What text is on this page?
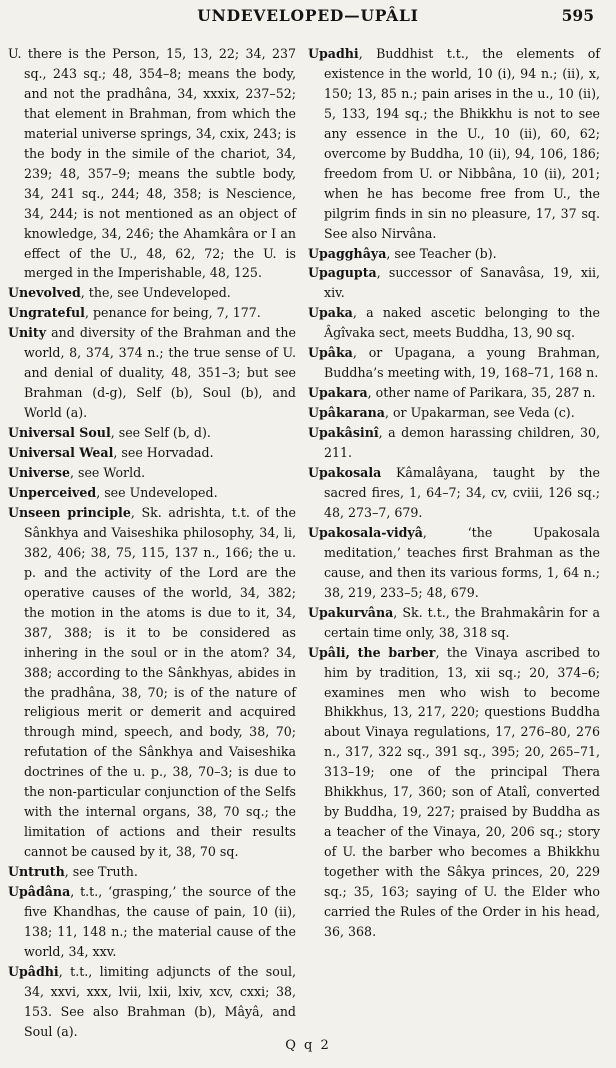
UNDEVELOPED—UPÂLI	595

U. there is the Person, 15, 13, 22; 34, 237 sq., 243 sq.; 48, 354–8; means the body, and not the pradhâna, 34, xxxix, 237–52; that element in Brahman, from which the material universe springs, 34, cxix, 243; is the body in the simile of the chariot, 34, 239; 48, 357–9; means the subtle body, 34, 241 sq., 244; 48, 358; is Nescience, 34, 244; is not mentioned as an object of knowledge, 34, 246; the Ahamkâra or I an effect of the U., 48, 62, 72; the U. is merged in the Imperishable, 48, 125.

Unevolved, the, see Undeveloped.

Ungrateful, penance for being, 7, 177.

Unity and diversity of the Brahman and the world, 8, 374, 374 n.; the true sense of U. and denial of duality, 48, 351–3; but see Brahman (d-g), Self (b), Soul (b), and World (a).

Universal Soul, see Self (b, d).

Universal Weal, see Horvadad.

Universe, see World.

Unperceived, see Undeveloped.

Unseen principle, Sk. adrishta, t.t. of the Sânkhya and Vaiseshika philosophy, 34, li, 382, 406; 38, 75, 115, 137 n., 166; the u. p. and the activity of the Lord are the operative causes of the world, 34, 382; the motion in the atoms is due to it, 34, 387, 388; is it to be considered as inhering in the soul or in the atom? 34, 388; according to the Sânkhyas, abides in the pradhâna, 38, 70; is of the nature of religious merit or demerit and acquired through mind, speech, and body, 38, 70; refutation of the Sânkhya and Vaiseshika doctrines of the u. p., 38, 70–3; is due to the non-particular conjunction of the Selfs with the internal organs, 38, 70 sq.; the limitation of actions and their results cannot be caused by it, 38, 70 sq.

Untruth, see Truth.

Upâdâna, t.t., ‘grasping,’ the source of the five Khandhas, the cause of pain, 10 (ii), 138; 11, 148 n.; the material cause of the world, 34, xxv.

Upâdhi, t.t., limiting adjuncts of the soul, 34, xxvi, xxx, lvii, lxii, lxiv, xcv, cxxi; 38, 153. See also Brahman (b), Mâyâ, and Soul (a).

Upadhi, Buddhist t.t., the elements of existence in the world, 10 (i), 94 n.; (ii), x, 150; 13, 85 n.; pain arises in the u., 10 (ii), 5, 133, 194 sq.; the Bhikkhu is not to see any essence in the U., 10 (ii), 60, 62; overcome by Buddha, 10 (ii), 94, 106, 186; freedom from U. or Nibbâna, 10 (ii), 201; when he has become free from U., the pilgrim finds in sin no pleasure, 17, 37 sq. See also Nirvâna.

Upagghâya, see Teacher (b).

Upagupta, successor of Sanavâsa, 19, xii, xiv.

Upaka, a naked ascetic belonging to the Âgîvaka sect, meets Buddha, 13, 90 sq.

Upâka, or Upagana, a young Brahman, Buddha’s meeting with, 19, 168–71, 168 n.

Upakara, other name of Parikara, 35, 287 n.

Upâkarana, or Upakarman, see Veda (c).

Upakâsinî, a demon harassing children, 30, 211.

Upakosala Kâmalâyana, taught by the sacred fires, 1, 64–7; 34, cv, cviii, 126 sq.; 48, 273–7, 679.

Upakosala-vidyâ, ‘the Upakosala meditation,’ teaches first Brahman as the cause, and then its various forms, 1, 64 n.; 38, 219, 233–5; 48, 679.

Upakurvâna, Sk. t.t., the Brahmakârin for a certain time only, 38, 318 sq.

Upâli, the barber, the Vinaya ascribed to him by tradition, 13, xii sq.; 20, 374–6; examines men who wish to become Bhikkhus, 13, 217, 220; questions Buddha about Vinaya regulations, 17, 276–80, 276 n., 317, 322 sq., 391 sq., 395; 20, 265–71, 313–19; one of the principal Thera Bhikkhus, 17, 360; son of Atalî, converted by Buddha, 19, 227; praised by Buddha as a teacher of the Vinaya, 20, 206 sq.; story of U. the barber who becomes a Bhikkhu together with the Sâkya princes, 20, 229 sq.; 35, 163; saying of U. the Elder who carried the Rules of the Order in his head, 36, 368.

Q q 2
